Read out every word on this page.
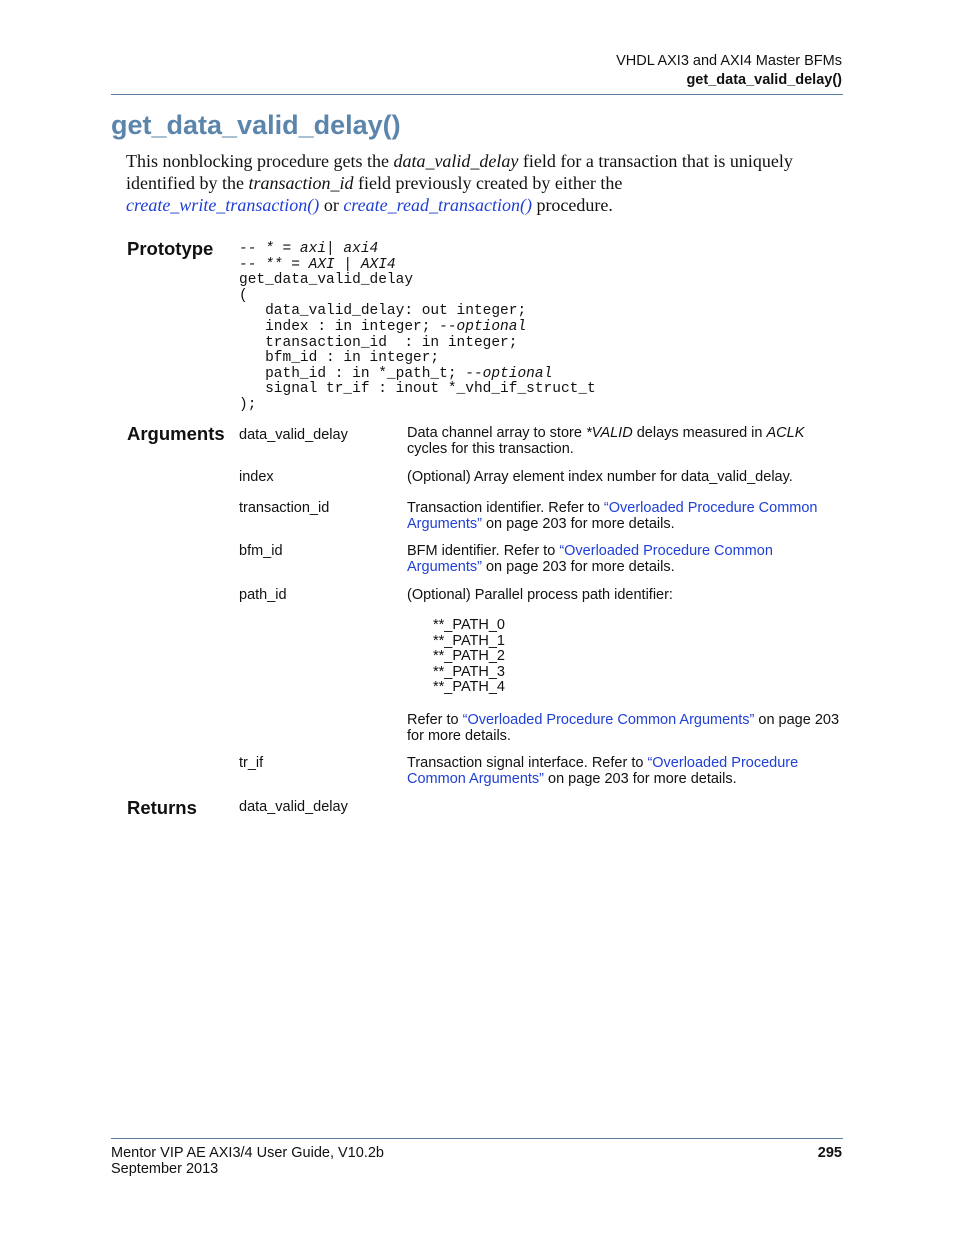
VHDL AXI3 and AXI4 Master BFMs
get_data_valid_delay()
get_data_valid_delay()
This nonblocking procedure gets the data_valid_delay field for a transaction that is uniquely identified by the transaction_id field previously created by either the
create_write_transaction() or create_read_transaction() procedure.
Prototype -- * = axi| axi4
-- ** = AXI | AXI4
get_data_valid_delay
(
data_valid_delay: out integer;
index : in integer; --optional
transaction_id  : in integer;
bfm_id : in integer;
path_id : in *_path_t; --optional
signal tr_if : inout *_vhd_if_struct_t
);
Arguments data_valid_delay	Data channel array to store *VALID delays measured in ACLK
cycles for this transaction.
index	(Optional) Array element index number for data_valid_delay.
transaction_id	Transaction identifier. Refer to “Overloaded Procedure Common Arguments” on page 203 for more details.
bfm_id	BFM identifier. Refer to “Overloaded Procedure Common Arguments” on page 203 for more details.
path_id	(Optional) Parallel process path identifier:
**_PATH_0
**_PATH_1
**_PATH_2
**_PATH_3
**_PATH_4
Refer to “Overloaded Procedure Common Arguments” on page 203 for more details.
tr_if	Transaction signal interface. Refer to “Overloaded Procedure Common Arguments” on page 203 for more details.
Returns	data_valid_delay
Mentor VIP AE AXI3/4 User Guide, V10.2b
September 2013
295
